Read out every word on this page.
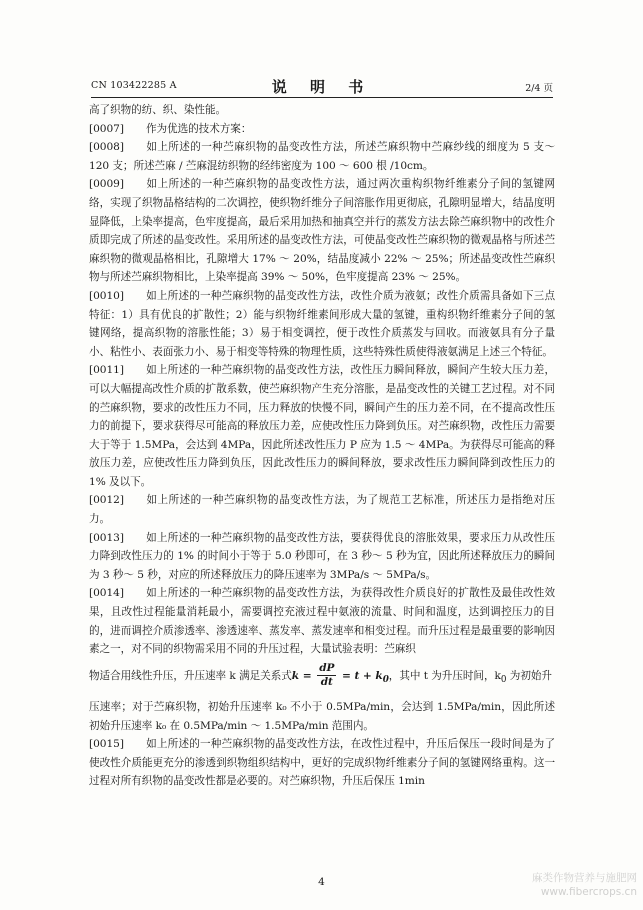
CN 103422285 A	说 明 书	2/4 页

高了织物的纺、织、染性能。

[0007] 作为优选的技术方案：

[0008] 如上所述的一种苎麻织物的晶变改性方法，所述苎麻织物中苎麻纱线的细度为 5 支～ 120 支；所述苎麻 / 苎麻混纺织物的经纬密度为 100 ～ 600 根 /10cm。

[0009] 如上所述的一种苎麻织物的晶变改性方法，通过两次重构织物纤维素分子间的氢键网络，实现了织物晶格结构的二次调控，使织物纤维分子间溶胀作用更彻底，孔隙明显增大，结晶度明显降低，上染率提高，色牢度提高，最后采用加热和抽真空并行的蒸发方法去除苎麻织物中的改性介质即完成了所述的晶变改性。采用所述的晶变改性方法，可使晶变改性苎麻织物的微观晶格与所述苎麻织物的微观晶格相比，孔隙增大 17% ～ 20%，结晶度减小 22% ～ 25%；所述晶变改性苎麻织物与所述苎麻织物相比，上染率提高 39% ～ 50%，色牢度提高 23% ～ 25%。

[0010] 如上所述的一种苎麻织物的晶变改性方法，改性介质为液氨；改性介质需具备如下三点特征：1）具有优良的扩散性；2）能与织物纤维素间形成大量的氢键，重构织物纤维素分子间的氢键网络，提高织物的溶胀性能；3）易于相变调控，便于改性介质蒸发与回收。而液氨具有分子量小、粘性小、表面张力小、易于相变等特殊的物理性质，这些特殊性质使得液氨满足上述三个特征。

[0011] 如上所述的一种苎麻织物的晶变改性方法，改性压力瞬间释放，瞬间产生较大压力差，可以大幅提高改性介质的扩散系数，使苎麻织物产生充分溶胀，是晶变改性的关键工艺过程。对不同的苎麻织物，要求的改性压力不同，压力释放的快慢不同，瞬间产生的压力差不同，在不提高改性压力的前提下，要求获得尽可能高的释放压力差，应使改性压力降到负压。对苎麻织物，改性压力需要大于等于 1.5MPa，会达到 4MPa，因此所述改性压力 P 应为 1.5 ～ 4MPa。为获得尽可能高的释放压力差，应使改性压力降到负压，因此改性压力的瞬间释放，要求改性压力瞬间降到改性压力的 1% 及以下。

[0012] 如上所述的一种苎麻织物的晶变改性方法，为了规范工艺标准，所述压力是指绝对压力。

[0013] 如上所述的一种苎麻织物的晶变改性方法，要获得优良的溶胀效果，要求压力从改性压力降到改性压力的 1% 的时间小于等于 5.0 秒即可，在 3 秒～ 5 秒为宜，因此所述释放压力的瞬间为 3 秒～ 5 秒，对应的所述释放压力的降压速率为 3MPa/s ～ 5MPa/s。

[0014] 如上所述的一种苎麻织物的晶变改性方法，为获得改性介质良好的扩散性及最佳改性效果，且改性过程能量消耗最小，需要调控充液过程中氨液的流量、时间和温度，达到调控压力的目的，进而调控介质渗透率、渗透速率、蒸发率、蒸发速率和相变过程。而升压过程是最重要的影响因素之一，对不同的织物需采用不同的升压过程，大量试验表明：苎麻织

物适合用线性升压，升压速率 k 满足关系式$k = \frac{dP}{dt} = t + k_0$，其中 t 为升压时间，$k_0$ 为初始升

压速率；对于苎麻织物，初始升压速率 k₀ 不小于 0.5MPa/min，会达到 1.5MPa/min，因此所述初始升压速率 k₀ 在 0.5MPa/min ～ 1.5MPa/min 范围内。

[0015] 如上所述的一种苎麻织物的晶变改性方法，在改性过程中，升压后保压一段时间是为了使改性介质能更充分的渗透到织物组织结构中，更好的完成织物纤维素分子间的氢键网络重构。这一过程对所有织物的晶变改性都是必要的。对苎麻织物，升压后保压 1min

4	麻类作物营养与施肥网 www.fibercrops.cn
